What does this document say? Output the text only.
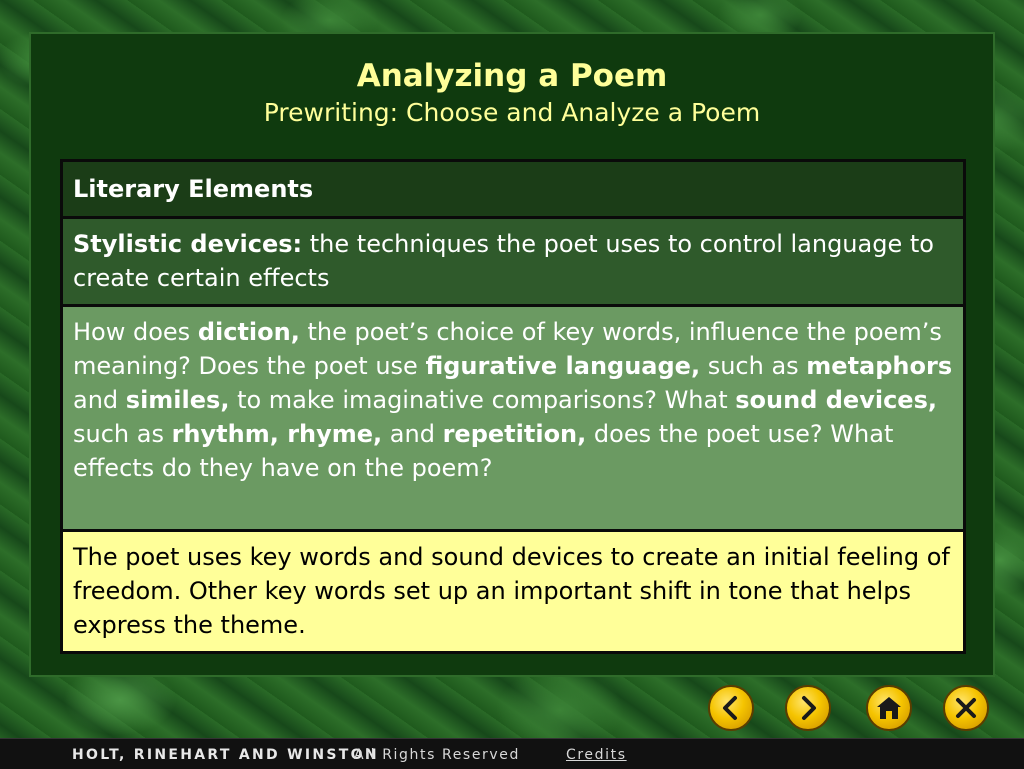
Analyzing a Poem
Prewriting: Choose and Analyze a Poem
Literary Elements
Stylistic devices: the techniques the poet uses to control language to create certain effects
How does diction, the poet’s choice of key words, influence the poem’s meaning? Does the poet use figurative language, such as metaphors and similes, to make imaginative comparisons? What sound devices, such as rhythm, rhyme, and repetition, does the poet use? What effects do they have on the poem?
The poet uses key words and sound devices to create an initial feeling of freedom. Other key words set up an important shift in tone that helps express the theme.
HOLT, RINEHART AND WINSTON
All Rights Reserved	Credits
